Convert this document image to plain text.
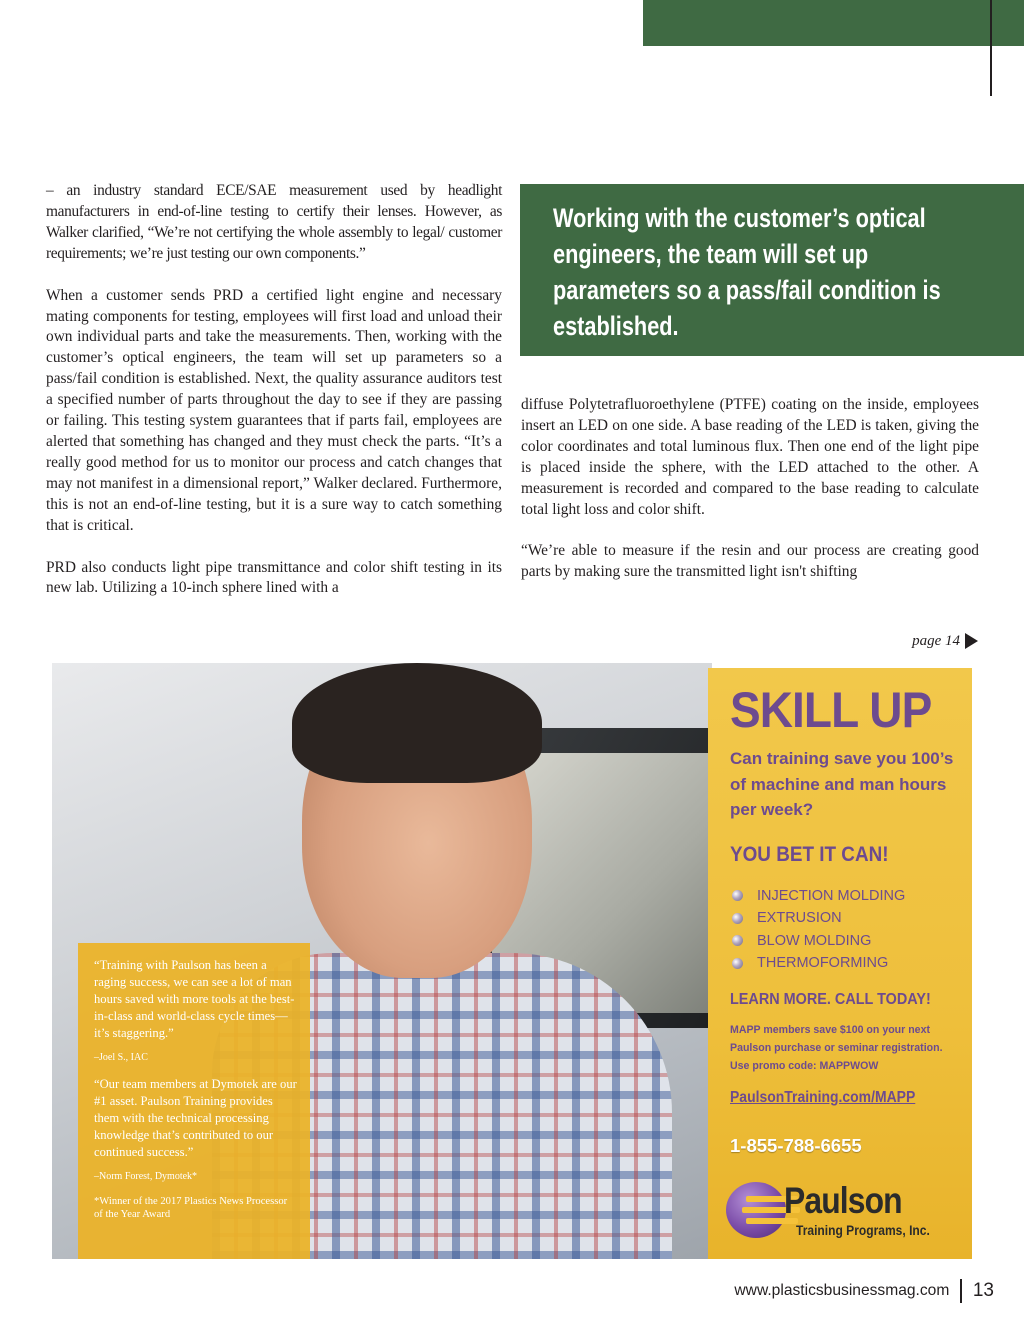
– an industry standard ECE/SAE measurement used by headlight manufacturers in end-of-line testing to certify their lenses. However, as Walker clarified, “We’re not certifying the whole assembly to legal/ customer requirements; we’re just testing our own components.”

When a customer sends PRD a certified light engine and necessary mating components for testing, employees will first load and unload their own individual parts and take the measurements. Then, working with the customer’s optical engineers, the team will set up parameters so a pass/fail condition is established. Next, the quality assurance auditors test a specified number of parts throughout the day to see if they are passing or failing. This testing system guarantees that if parts fail, employees are alerted that something has changed and they must check the parts. “It’s a really good method for us to monitor our process and catch changes that may not manifest in a dimensional report,” Walker declared. Furthermore, this is not an end-of-line testing, but it is a sure way to catch something that is critical.

PRD also conducts light pipe transmittance and color shift testing in its new lab. Utilizing a 10-inch sphere lined with a

Working with the customer’s optical
engineers, the team will set up
parameters so a pass/fail condition is
established.

diffuse Polytetrafluoroethylene (PTFE) coating on the inside, employees insert an LED on one side. A base reading of the LED is taken, giving the color coordinates and total luminous flux. Then one end of the light pipe is placed inside the sphere, with the LED attached to the other. A measurement is recorded and compared to the base reading to calculate total light loss and color shift.

“We’re able to measure if the resin and our process are creating good parts by making sure the transmitted light isn't shifting

page 14

“Training with Paulson has been a raging success, we can see a lot of man hours saved with more tools at the best-in-class and world-class cycle times—it’s staggering.”

–Joel S., IAC

“Our team members at Dymotek are our #1 asset. Paulson Training provides them with the technical processing knowledge that’s contributed to our continued success.”

–Norm Forest, Dymotek*

*Winner of the 2017 Plastics News Processor of the Year Award

SKILL UP
Can training save you 100’s of machine and man hours per week?
YOU BET IT CAN!
INJECTION MOLDING
EXTRUSION
BLOW MOLDING
THERMOFORMING
LEARN MORE. CALL TODAY!
MAPP members save $100 on your next
Paulson purchase or seminar registration.
Use promo code: MAPPWOW
PaulsonTraining.com/MAPP
1-855-788-6655
Paulson
Training Programs, Inc.
www.plasticsbusinessmag.com 13
